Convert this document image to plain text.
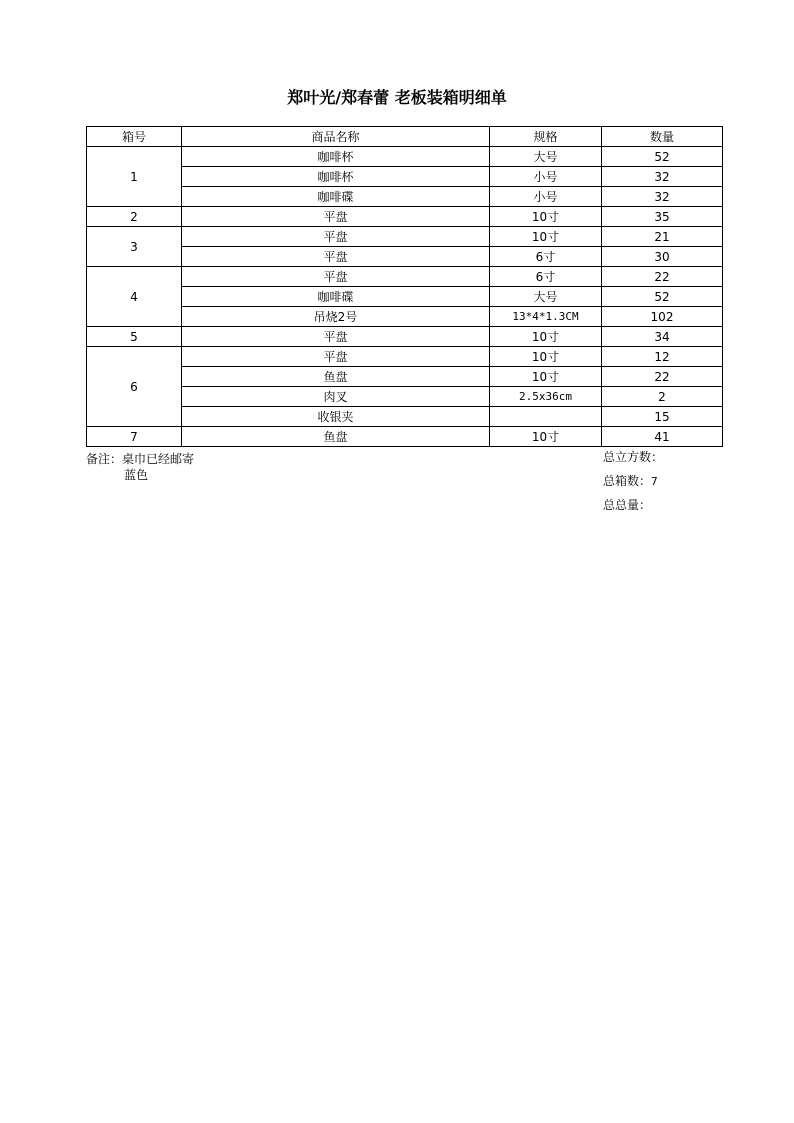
郑叶光/郑春蕾 老板装箱明细单
箱号	商品名称	规格	数量
1	咖啡杯	大号	52
	咖啡杯	小号	32
	咖啡碟	小号	32
2	平盘	10寸	35
3	平盘	10寸	21
	平盘	6寸	30
4	平盘	6寸	22
	咖啡碟	大号	52
	吊烧2号	13*4*1.3CM	102
5	平盘	10寸	34
6	平盘	10寸	12
	鱼盘	10寸	22
	肉叉	2.5x36cm	2
	收银夹		15
7	鱼盘	10寸	41
备注：桌巾已经邮寄
蓝色
总立方数：
总箱数：7
总总量：
